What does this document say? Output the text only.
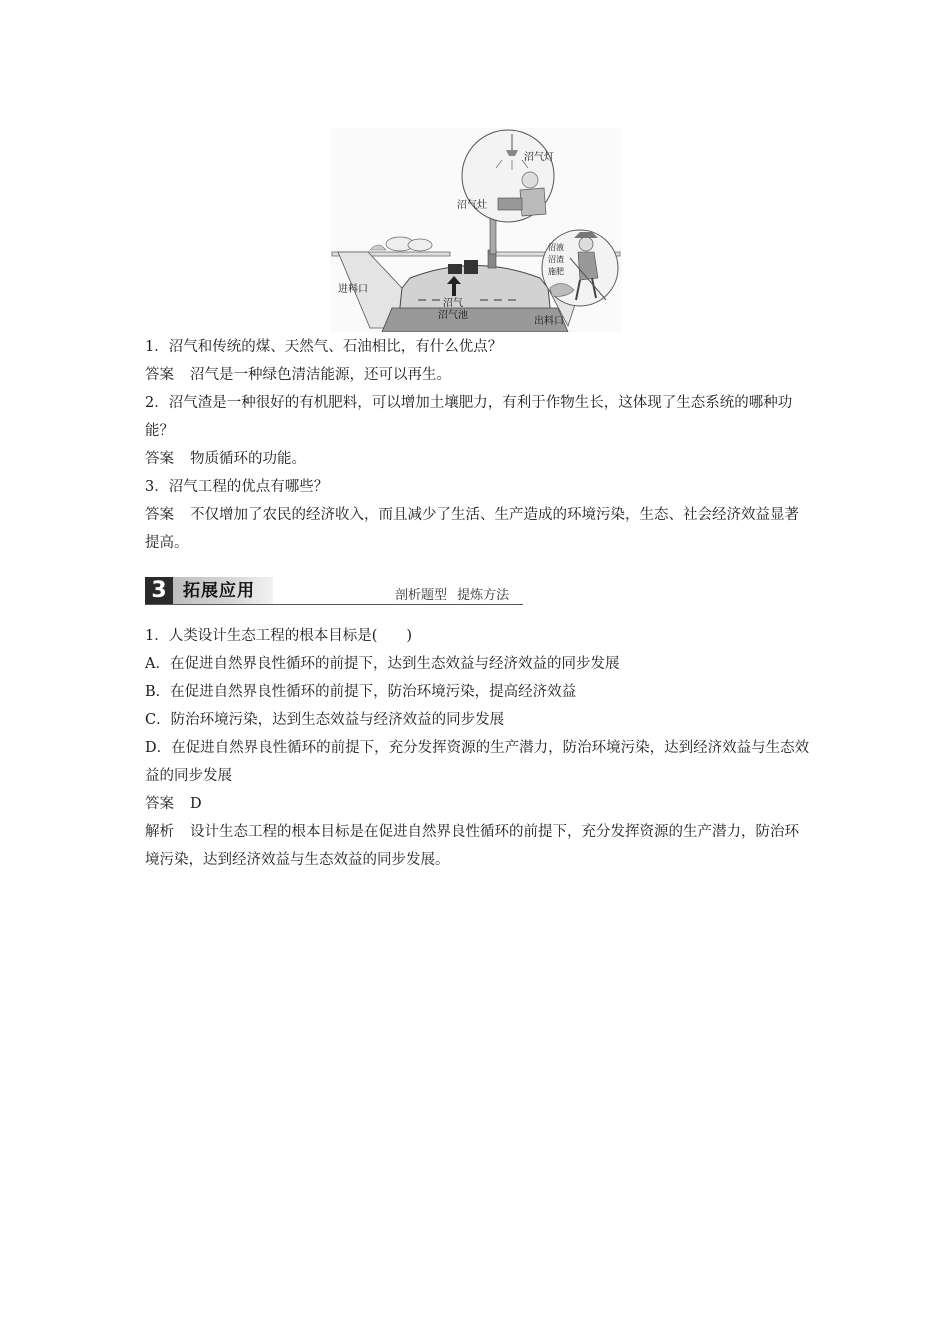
沼气灯
沼气灶
进料口
沼气
沼气池
出料口
沼液
沼渣
施肥

1．沼气和传统的煤、天然气、石油相比，有什么优点？

答案 沼气是一种绿色清洁能源，还可以再生。

2．沼气渣是一种很好的有机肥料，可以增加土壤肥力，有利于作物生长，这体现了生态系统的哪种功能？

答案 物质循环的功能。

3．沼气工程的优点有哪些？

答案 不仅增加了农民的经济收入，而且减少了生活、生产造成的环境污染，生态、社会经济效益显著提高。

3 拓展应用	剖析题型 提炼方法

1．人类设计生态工程的根本目标是(　　)

A．在促进自然界良性循环的前提下，达到生态效益与经济效益的同步发展

B．在促进自然界良性循环的前提下，防治环境污染，提高经济效益

C．防治环境污染，达到生态效益与经济效益的同步发展

D．在促进自然界良性循环的前提下，充分发挥资源的生产潜力，防治环境污染，达到经济效益与生态效益的同步发展

答案 D

解析 设计生态工程的根本目标是在促进自然界良性循环的前提下，充分发挥资源的生产潜力，防治环境污染，达到经济效益与生态效益的同步发展。
